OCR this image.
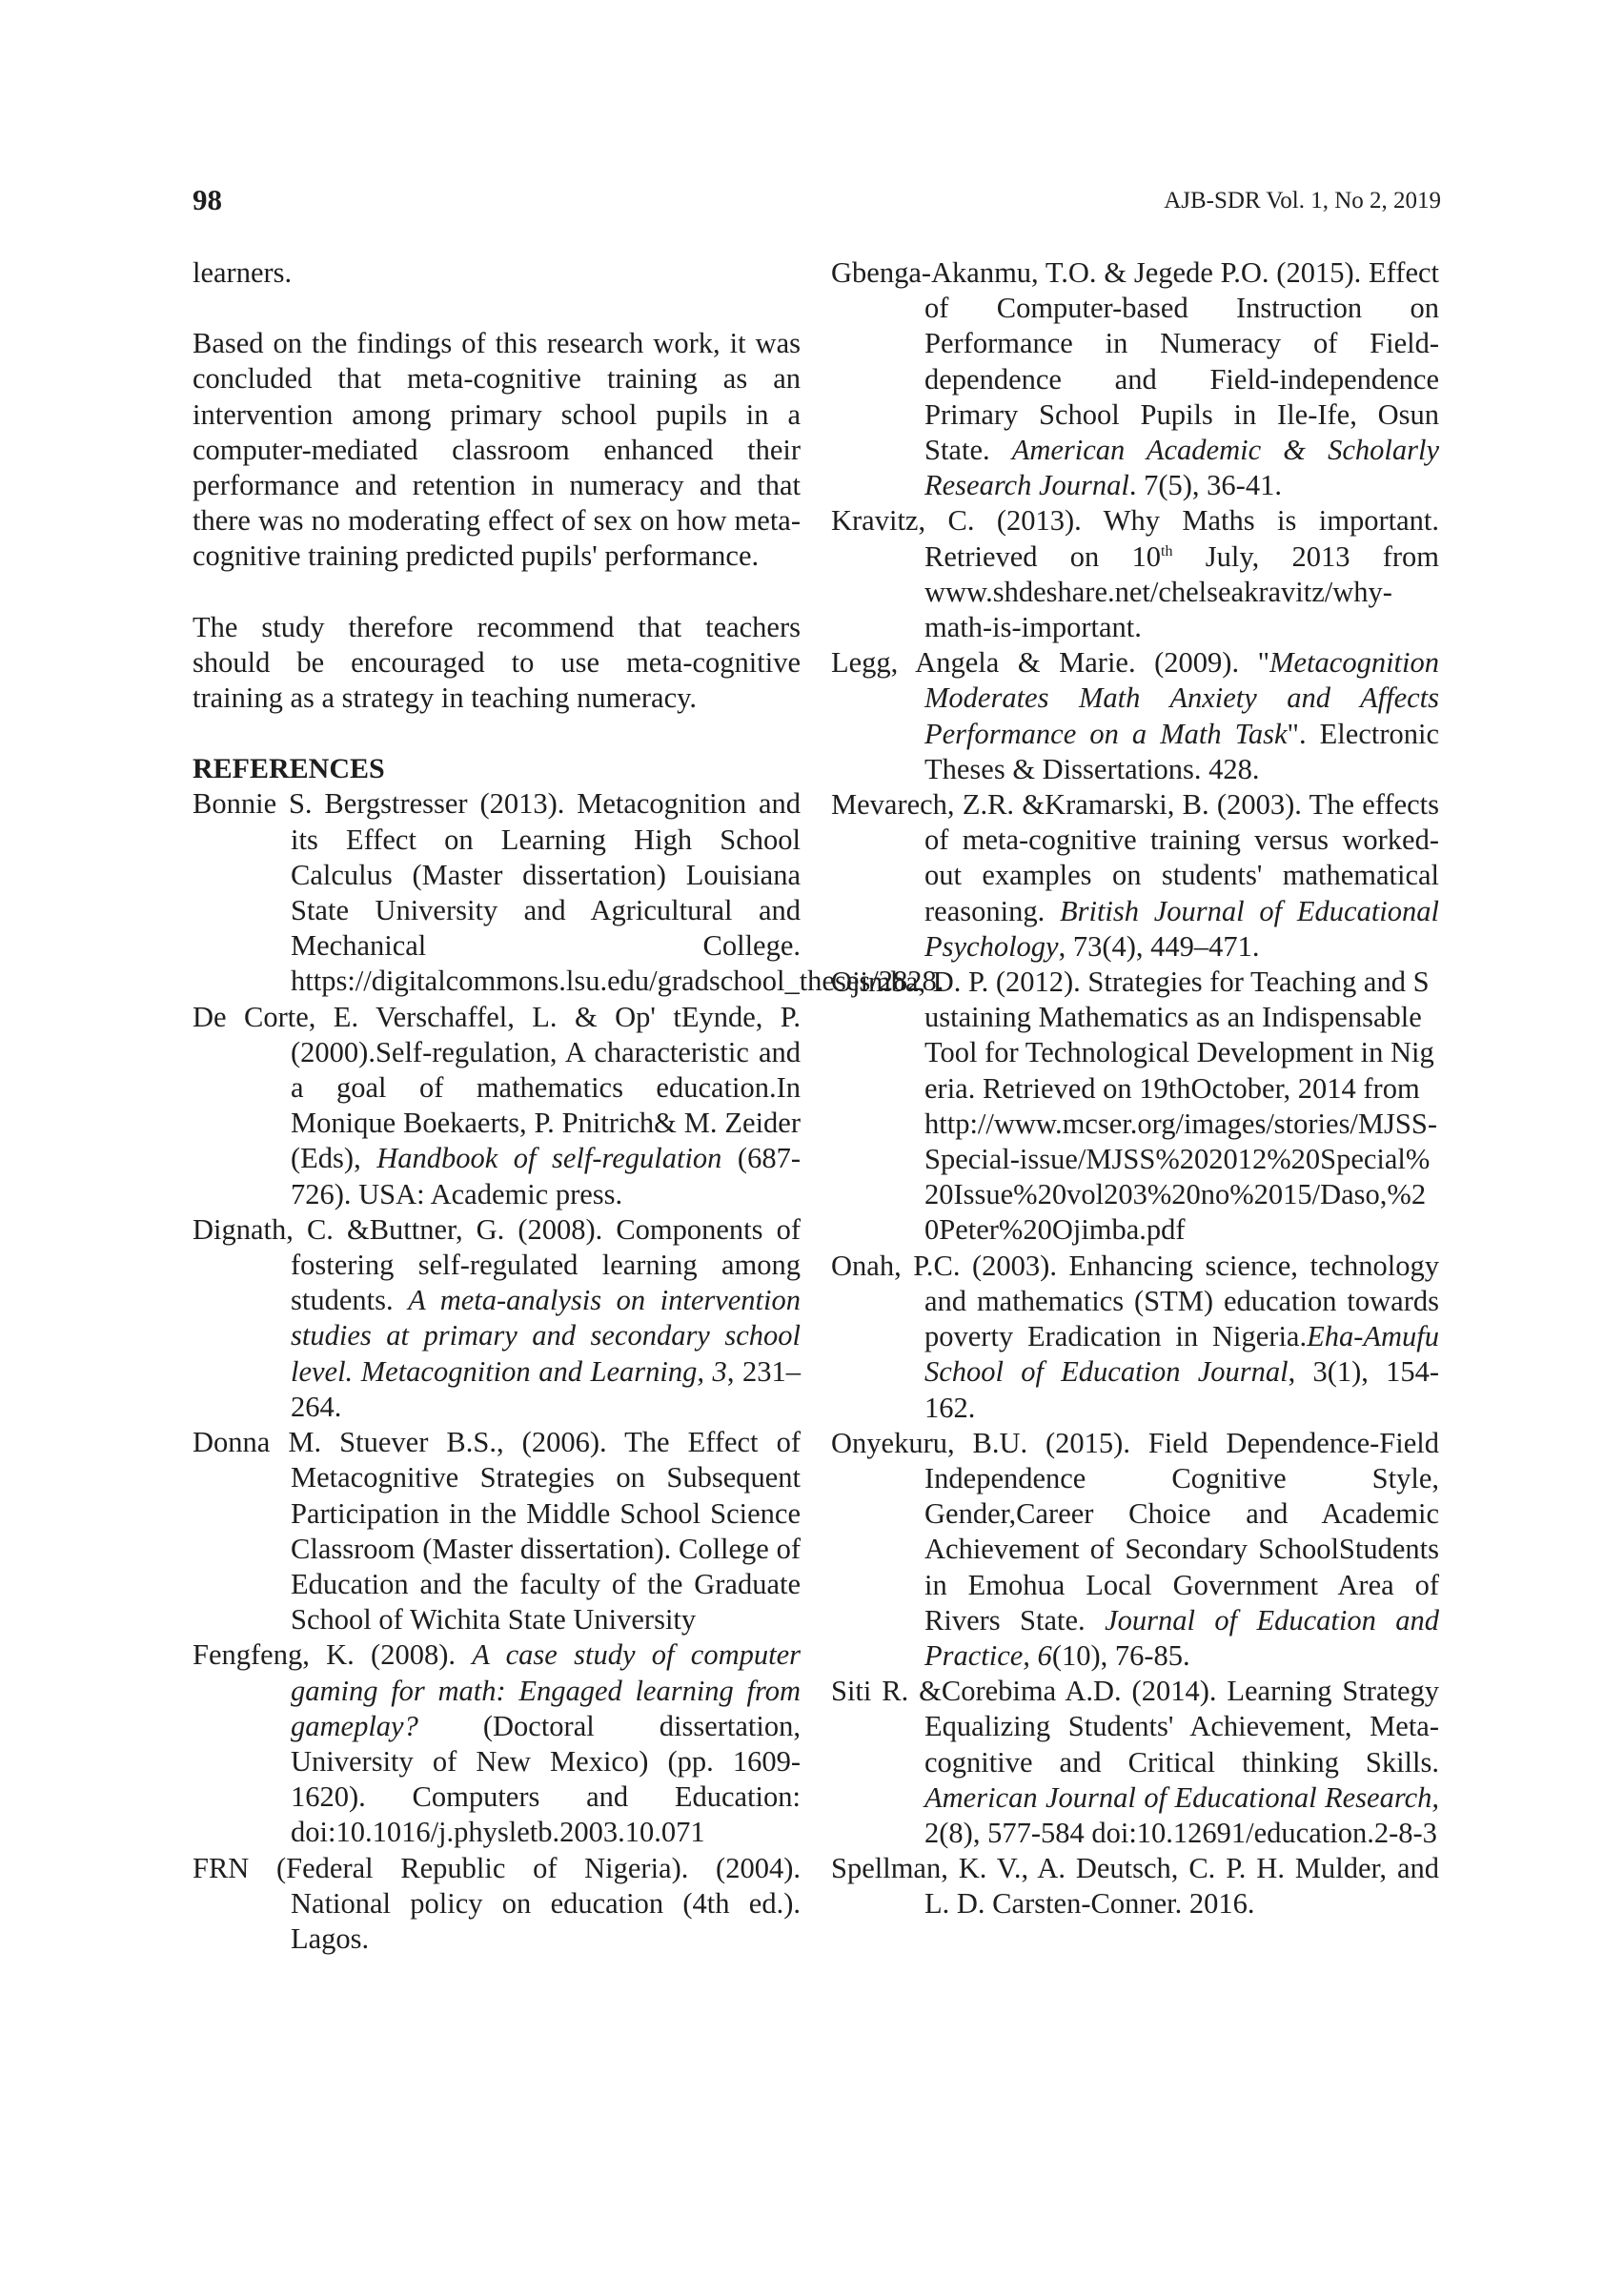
98	AJB-SDR Vol. 1, No 2, 2019

learners.

Based on the findings of this research work, it was concluded that meta-cognitive training as an intervention among primary school pupils in a computer-mediated classroom enhanced their performance and retention in numeracy and that there was no moderating effect of sex on how meta-cognitive training predicted pupils' performance.

The study therefore recommend that teachers should be encouraged to use meta-cognitive training as a strategy in teaching numeracy.

REFERENCES

Bonnie S. Bergstresser (2013). Metacognition and its Effect on Learning High School Calculus (Master dissertation) Louisiana State University and Agricultural and Mechanical College. https://digitalcommons.lsu.edu/gradschool_theses/2828.

De Corte, E. Verschaffel, L. & Op' tEynde, P. (2000).Self-regulation, A characteristic and a goal of mathematics education.In Monique Boekaerts, P. Pnitrich& M. Zeider (Eds), Handbook of self-regulation (687-726). USA: Academic press.

Dignath, C. &Buttner, G. (2008). Components of fostering self-regulated learning among students. A meta-analysis on intervention studies at primary and secondary school level. Metacognition and Learning, 3, 231–264.

Donna M. Stuever B.S., (2006). The Effect of Metacognitive Strategies on Subsequent Participation in the Middle School Science Classroom (Master dissertation). College of Education and the faculty of the Graduate School of Wichita State University

Fengfeng, K. (2008). A case study of computer gaming for math: Engaged learning from gameplay? (Doctoral dissertation, University of New Mexico) (pp. 1609-1620). Computers and Education: doi:10.1016/j.physletb.2003.10.071

FRN (Federal Republic of Nigeria). (2004). National policy on education (4th ed.). Lagos.

Gbenga-Akanmu, T.O. & Jegede P.O. (2015). Effect of Computer-based Instruction on Performance in Numeracy of Field-dependence and Field-independence Primary School Pupils in Ile-Ife, Osun State. American Academic & Scholarly Research Journal. 7(5), 36-41.

Kravitz, C. (2013). Why Maths is important. Retrieved on 10th July, 2013 from www.shdeshare.net/chelseakravitz/why-math-is-important.

Legg, Angela & Marie. (2009). "Metacognition Moderates Math Anxiety and Affects Performance on a Math Task". Electronic Theses & Dissertations. 428.

Mevarech, Z.R. &Kramarski, B. (2003). The effects of meta-cognitive training versus worked-out examples on students' mathematical reasoning. British Journal of Educational Psychology, 73(4), 449–471.

Ojimba, D. P. (2012). Strategies for Teaching and Sustaining Mathematics as an Indispensable Tool for Technological Development in Nigeria. Retrieved on 19thOctober, 2014 from http://www.mcser.org/images/stories/MJSS-Special-issue/MJSS%202012%20Special%20Issue%20vol203%20no%2015/Daso,%20Peter%20Ojimba.pdf

Onah, P.C. (2003). Enhancing science, technology and mathematics (STM) education towards poverty Eradication in Nigeria.Eha-Amufu School of Education Journal, 3(1), 154-162.

Onyekuru, B.U. (2015). Field Dependence-Field Independence Cognitive Style, Gender,Career Choice and Academic Achievement of Secondary SchoolStudents in Emohua Local Government Area of Rivers State. Journal of Education and Practice, 6(10), 76-85.

Siti R. &Corebima A.D. (2014). Learning Strategy Equalizing Students' Achievement, Meta-cognitive and Critical thinking Skills. American Journal of Educational Research, 2(8), 577-584 doi:10.12691/education.2-8-3

Spellman, K. V., A. Deutsch, C. P. H. Mulder, and L. D. Carsten-Conner. 2016.
